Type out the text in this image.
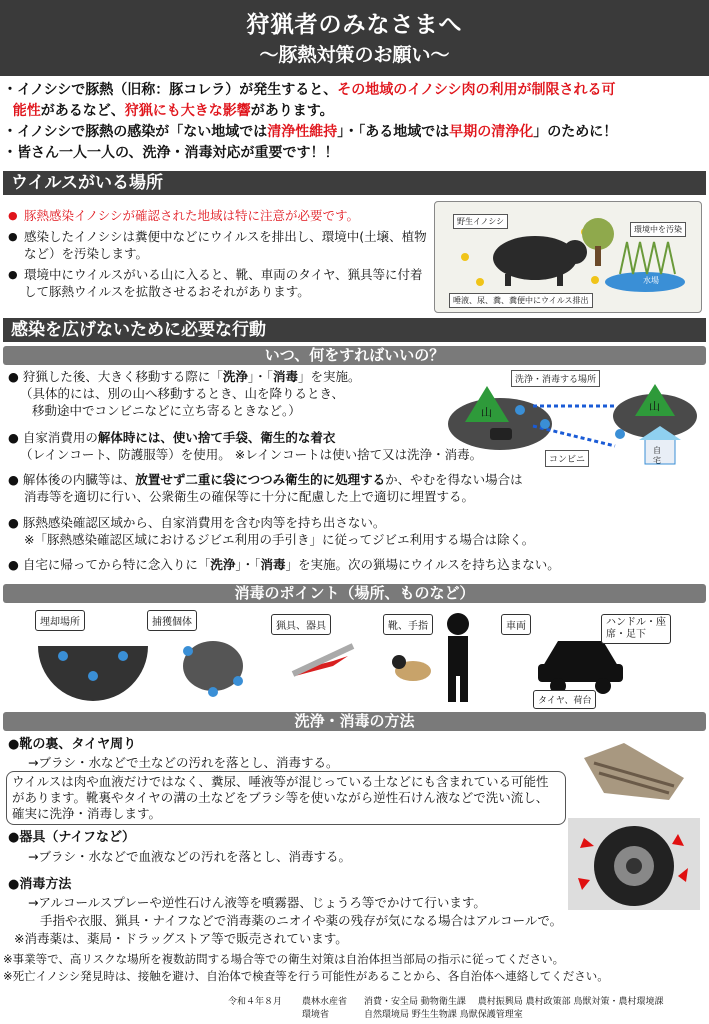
狩猟者のみなさまへ
〜豚熱対策のお願い〜

・イノシシで豚熱（旧称：豚コレラ）が発生すると、その地域のイノシシ肉の利用が制限される可

能性があるなど、狩猟にも大きな影響があります。

・イノシシで豚熱の感染が「ない地域では清浄性維持」・「ある地域では早期の清浄化」のために！

・皆さん一人一人の、洗浄・消毒対応が重要です！！

ウイルスがいる場所
● 豚熱感染イノシシが確認された地域は特に注意が必要です。
● 感染したイノシシは糞便中などにウイルスを排出し、環境中(土壌、植物など）を汚染します。
● 環境中にウイルスがいる山に入ると、靴、車両のタイヤ、猟具等に付着して豚熱ウイルスを拡散させるおそれがあります。
野生イノシシ
環境中を汚染
水場
唾液、尿、糞、糞便中にウイルス排出
感染を広げないために必要な行動
いつ、何をすればいいの？
● 狩猟した後、大きく移動する際に「洗浄」・「消毒」を実施。
（具体的には、別の山へ移動するとき、山を降りるとき、
移動途中でコンビニなどに立ち寄るときなど。）
● 自家消費用の解体時には、使い捨て手袋、衛生的な着衣
（レインコート、防護服等）を使用。 ※レインコートは使い捨て又は洗浄・消毒。
● 解体後の内臓等は、放置せず二重に袋につつみ衛生的に処理するか、やむを得ない場合は
消毒等を適切に行い、公衆衛生の確保等に十分に配慮した上で適切に埋置する。
● 豚熱感染確認区域から、自家消費用を含む肉等を持ち出さない。
※「豚熱感染確認区域におけるジビエ利用の手引き」に従ってジビエ利用する場合は除く。
● 自宅に帰ってから特に念入りに「洗浄」・「消毒」を実施。次の猟場にウイルスを持ち込まない。
洗浄・消毒する場所
山	山
コンビニ
自宅
消毒のポイント（場所、ものなど）
埋却場所	捕獲個体	猟具、器具	靴、手指	車両	ハンドル・座席・足下
タイヤ、荷台
洗浄・消毒の方法
●靴の裏、タイヤ周り
→ブラシ・水などで土などの汚れを落とし、消毒する。
ウイルスは肉や血液だけではなく、糞尿、唾液等が混じっている土などにも含まれている可能性があります。靴裏やタイヤの溝の土などをブラシ等を使いながら逆性石けん液などで洗い流し、確実に洗浄・消毒します。
●器具（ナイフなど）
→ブラシ・水などで血液などの汚れを落とし、消毒する。
●消毒方法
→アルコールスプレーや逆性石けん液等を噴霧器、じょうろ等でかけて行います。
手指や衣服、猟具・ナイフなどで消毒薬のニオイや薬の残存が気になる場合はアルコールで。
※消毒薬は、薬局・ドラッグストア等で販売されています。
※事業等で、高リスクな場所を複数訪問する場合等での衛生対策は自治体担当部局の指示に従ってください。
※死亡イノシシ発見時は、接触を避け、自治体で検査等を行う可能性があることから、各自治体へ連絡してください。
令和４年８月 農林水産省 消費・安全局 動物衛生課　 農村振興局 農村政策部 鳥獣対策・農村環境課
環境省	自然環境局 野生生物課 鳥獣保護管理室
